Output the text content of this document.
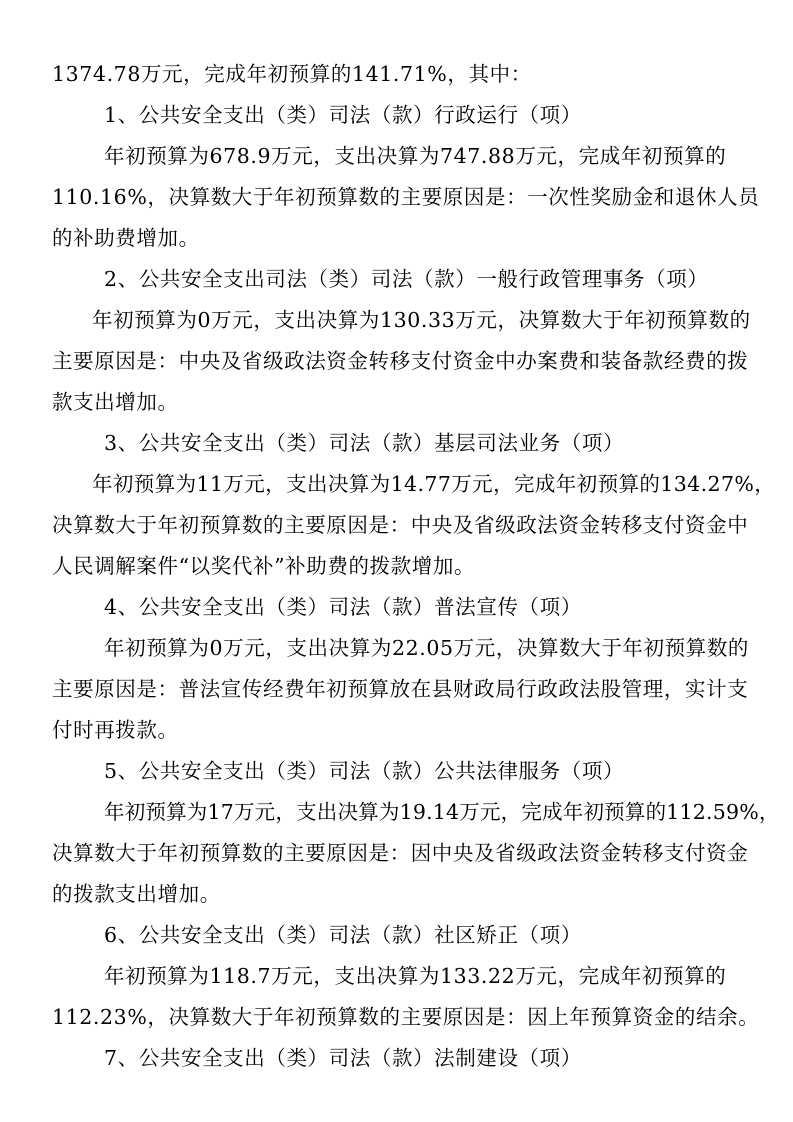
1374.78万元，完成年初预算的141.71%，其中：
1、公共安全支出（类）司法（款）行政运行（项）
年初预算为678.9万元，支出决算为747.88万元，完成年初预算的
110.16%，决算数大于年初预算数的主要原因是：一次性奖励金和退休人员
的补助费增加。
2、公共安全支出司法（类）司法（款）一般行政管理事务（项）
年初预算为0万元，支出决算为130.33万元，决算数大于年初预算数的
主要原因是：中央及省级政法资金转移支付资金中办案费和装备款经费的拨
款支出增加。
3、公共安全支出（类）司法（款）基层司法业务（项）
年初预算为11万元，支出决算为14.77万元，完成年初预算的134.27%，
决算数大于年初预算数的主要原因是：中央及省级政法资金转移支付资金中
人民调解案件“以奖代补”补助费的拨款增加。
4、公共安全支出（类）司法（款）普法宣传（项）
年初预算为0万元，支出决算为22.05万元，决算数大于年初预算数的
主要原因是：普法宣传经费年初预算放在县财政局行政政法股管理，实计支
付时再拨款。
5、公共安全支出（类）司法（款）公共法律服务（项）
年初预算为17万元，支出决算为19.14万元，完成年初预算的112.59%，
决算数大于年初预算数的主要原因是：因中央及省级政法资金转移支付资金
的拨款支出增加。
6、公共安全支出（类）司法（款）社区矫正（项）
年初预算为118.7万元，支出决算为133.22万元，完成年初预算的
112.23%，决算数大于年初预算数的主要原因是：因上年预算资金的结余。
7、公共安全支出（类）司法（款）法制建设（项）
